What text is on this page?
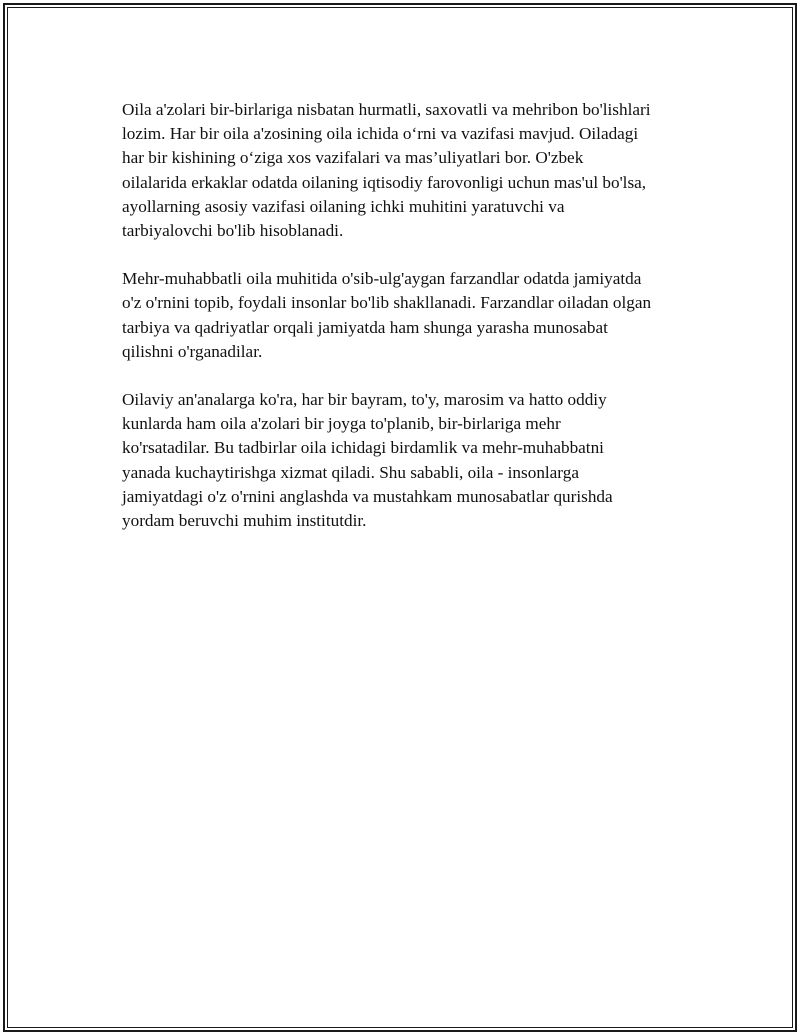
Oila a'zolari bir-birlariga nisbatan hurmatli, saxovatli va mehribon bo'lishlari
lozim. Har bir oila a'zosining oila ichida o‘rni va vazifasi mavjud. Oiladagi
har bir kishining o‘ziga xos vazifalari va mas’uliyatlari bor. O'zbek
oilalarida erkaklar odatda oilaning iqtisodiy farovonligi uchun mas'ul bo'lsa,
ayollarning asosiy vazifasi oilaning ichki muhitini yaratuvchi va
tarbiyalovchi bo'lib hisoblanadi.

Mehr-muhabbatli oila muhitida o'sib-ulg'aygan farzandlar odatda jamiyatda
o'z o'rnini topib, foydali insonlar bo'lib shakllanadi. Farzandlar oiladan olgan
tarbiya va qadriyatlar orqali jamiyatda ham shunga yarasha munosabat
qilishni o'rganadilar.

Oilaviy an'analarga ko'ra, har bir bayram, to'y, marosim va hatto oddiy
kunlarda ham oila a'zolari bir joyga to'planib, bir-birlariga mehr
ko'rsatadilar. Bu tadbirlar oila ichidagi birdamlik va mehr-muhabbatni
yanada kuchaytirishga xizmat qiladi. Shu sababli, oila - insonlarga
jamiyatdagi o'z o'rnini anglashda va mustahkam munosabatlar qurishda
yordam beruvchi muhim institutdir.
